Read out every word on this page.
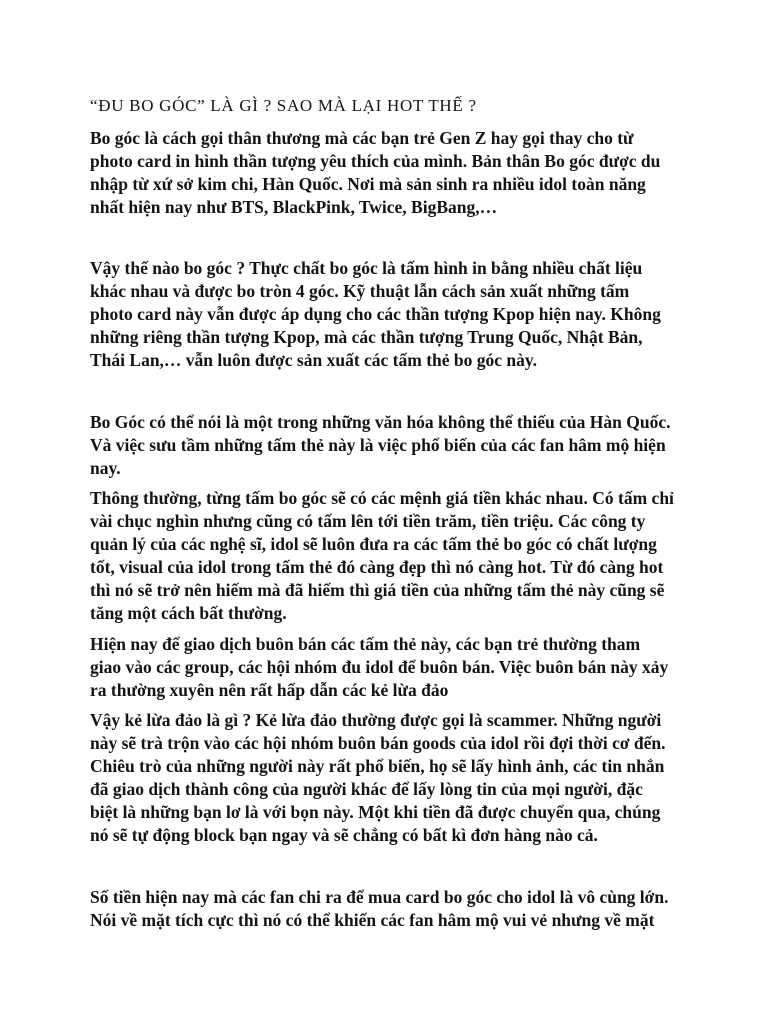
“ĐU BO GÓC” LÀ GÌ ? SAO MÀ LẠI HOT THẾ ?
Bo góc là cách gọi thân thương mà các bạn trẻ Gen Z hay gọi thay cho từ
photo card in hình thần tượng yêu thích của mình. Bản thân Bo góc được du
nhập từ xứ sở kim chi, Hàn Quốc. Nơi mà sản sinh ra nhiều idol toàn năng
nhất hiện nay như BTS, BlackPink, Twice, BigBang,…
Vậy thế nào bo góc ? Thực chất bo góc là tấm hình in bằng nhiều chất liệu
khác nhau và được bo tròn 4 góc. Kỹ thuật lẫn cách sản xuất những tấm
photo card này vẫn được áp dụng cho các thần tượng Kpop hiện nay. Không
những riêng thần tượng Kpop, mà các thần tượng Trung Quốc, Nhật Bản,
Thái Lan,… vẫn luôn được sản xuất các tấm thẻ bo góc này.
Bo Góc có thể nói là một trong những văn hóa không thể thiếu của Hàn Quốc.
Và việc sưu tầm những tấm thẻ này là việc phổ biến của các fan hâm mộ hiện
nay.
Thông thường, từng tấm bo góc sẽ có các mệnh giá tiền khác nhau. Có tấm chỉ
vài chục nghìn nhưng cũng có tấm lên tới tiền trăm, tiền triệu. Các công ty
quản lý của các nghệ sĩ, idol sẽ luôn đưa ra các tấm thẻ bo góc có chất lượng
tốt, visual của idol trong tấm thẻ đó càng đẹp thì nó càng hot. Từ đó càng hot
thì nó sẽ trở nên hiếm mà đã hiếm thì giá tiền của những tấm thẻ này cũng sẽ
tăng một cách bất thường.
Hiện nay để giao dịch buôn bán các tấm thẻ này, các bạn trẻ thường tham
giao vào các group, các hội nhóm đu idol để buôn bán. Việc buôn bán này xảy
ra thường xuyên nên rất hấp dẫn các kẻ lừa đảo
Vậy kẻ lừa đảo là gì ? Kẻ lừa đảo thường được gọi là scammer. Những người
này sẽ trà trộn vào các hội nhóm buôn bán goods của idol rồi đợi thời cơ đến.
Chiêu trò của những người này rất phổ biến, họ sẽ lấy hình ảnh, các tin nhắn
đã giao dịch thành công của người khác để lấy lòng tin của mọi người, đặc
biệt là những bạn lơ là với bọn này. Một khi tiền đã được chuyển qua, chúng
nó sẽ tự động block bạn ngay và sẽ chẳng có bất kì đơn hàng nào cả.
Số tiền hiện nay mà các fan chi ra để mua card bo góc cho idol là vô cùng lớn.
Nói về mặt tích cực thì nó có thể khiến các fan hâm mộ vui vẻ nhưng về mặt
